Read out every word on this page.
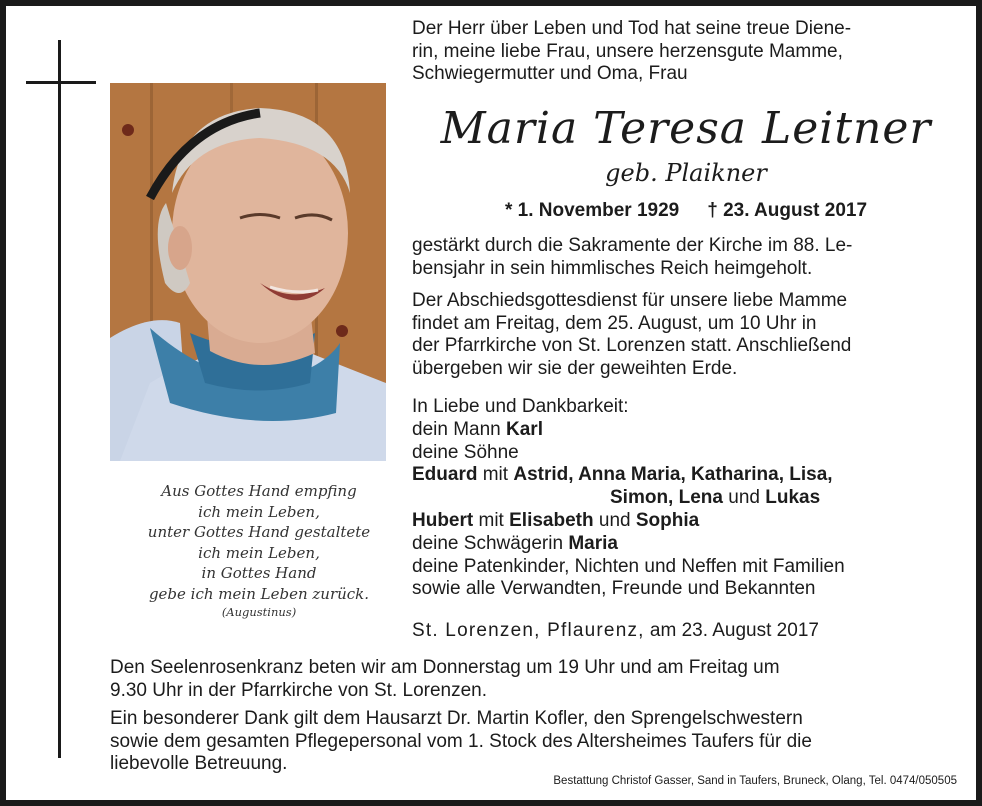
Aus Gottes Hand empfing
ich mein Leben,
unter Gottes Hand gestaltete
ich mein Leben,
in Gottes Hand
gebe ich mein Leben zurück.
(Augustinus)
Der Herr über Leben und Tod hat seine treue Diene-
rin, meine liebe Frau, unsere herzensgute Mamme,
Schwiegermutter und Oma, Frau
Maria Teresa Leitner
geb. Plaikner
* 1. November 1929 † 23. August 2017
gestärkt durch die Sakramente der Kirche im 88. Le-
bensjahr in sein himmlisches Reich heimgeholt.
Der Abschiedsgottesdienst für unsere liebe Mamme
findet am Freitag, dem 25. August, um 10 Uhr in
der Pfarrkirche von St. Lorenzen statt. Anschließend
übergeben wir sie der geweihten Erde.
In Liebe und Dankbarkeit:
dein Mann Karl
deine Söhne
Eduard mit Astrid, Anna Maria, Katharina, Lisa,
Simon, Lena und Lukas
Hubert mit Elisabeth und Sophia
deine Schwägerin Maria
deine Patenkinder, Nichten und Neffen mit Familien
sowie alle Verwandten, Freunde und Bekannten
St. Lorenzen, Pflaurenz, am 23. August 2017
Den Seelenrosenkranz beten wir am Donnerstag um 19 Uhr und am Freitag um
9.30 Uhr in der Pfarrkirche von St. Lorenzen.
Ein besonderer Dank gilt dem Hausarzt Dr. Martin Kofler, den Sprengelschwestern
sowie dem gesamten Pflegepersonal vom 1. Stock des Altersheimes Taufers für die
liebevolle Betreuung.
Bestattung Christof Gasser, Sand in Taufers, Bruneck, Olang, Tel. 0474/050505
